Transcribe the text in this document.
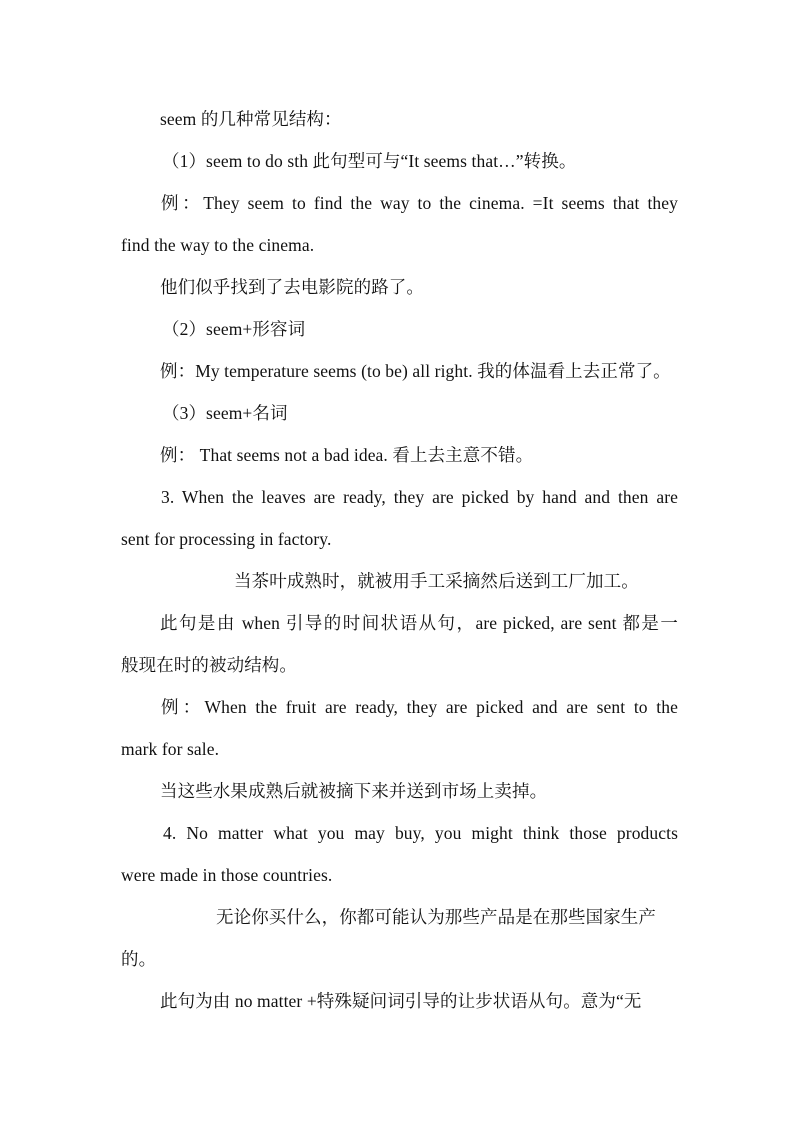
seem 的几种常见结构：
（1）seem to do sth 此句型可与“It seems that…”转换。
例：They seem to find the way to the cinema. =It seems that they
find the way to the cinema.
他们似乎找到了去电影院的路了。
（2）seem+形容词
例：My temperature seems (to be) all right. 我的体温看上去正常了。
（3）seem+名词
例： That seems not a bad idea. 看上去主意不错。
3. When the leaves are ready, they are picked by hand and then are
sent for processing in factory.
当茶叶成熟时，就被用手工采摘然后送到工厂加工。
此句是由 when 引导的时间状语从句，are picked, are sent 都是一
般现在时的被动结构。
例：When the fruit are ready, they are picked and are sent to the
mark for sale.
当这些水果成熟后就被摘下来并送到市场上卖掉。
4. No matter what you may buy, you might think those products
were made in those countries.
无论你买什么，你都可能认为那些产品是在那些国家生产
的。
此句为由 no matter +特殊疑问词引导的让步状语从句。意为“无
